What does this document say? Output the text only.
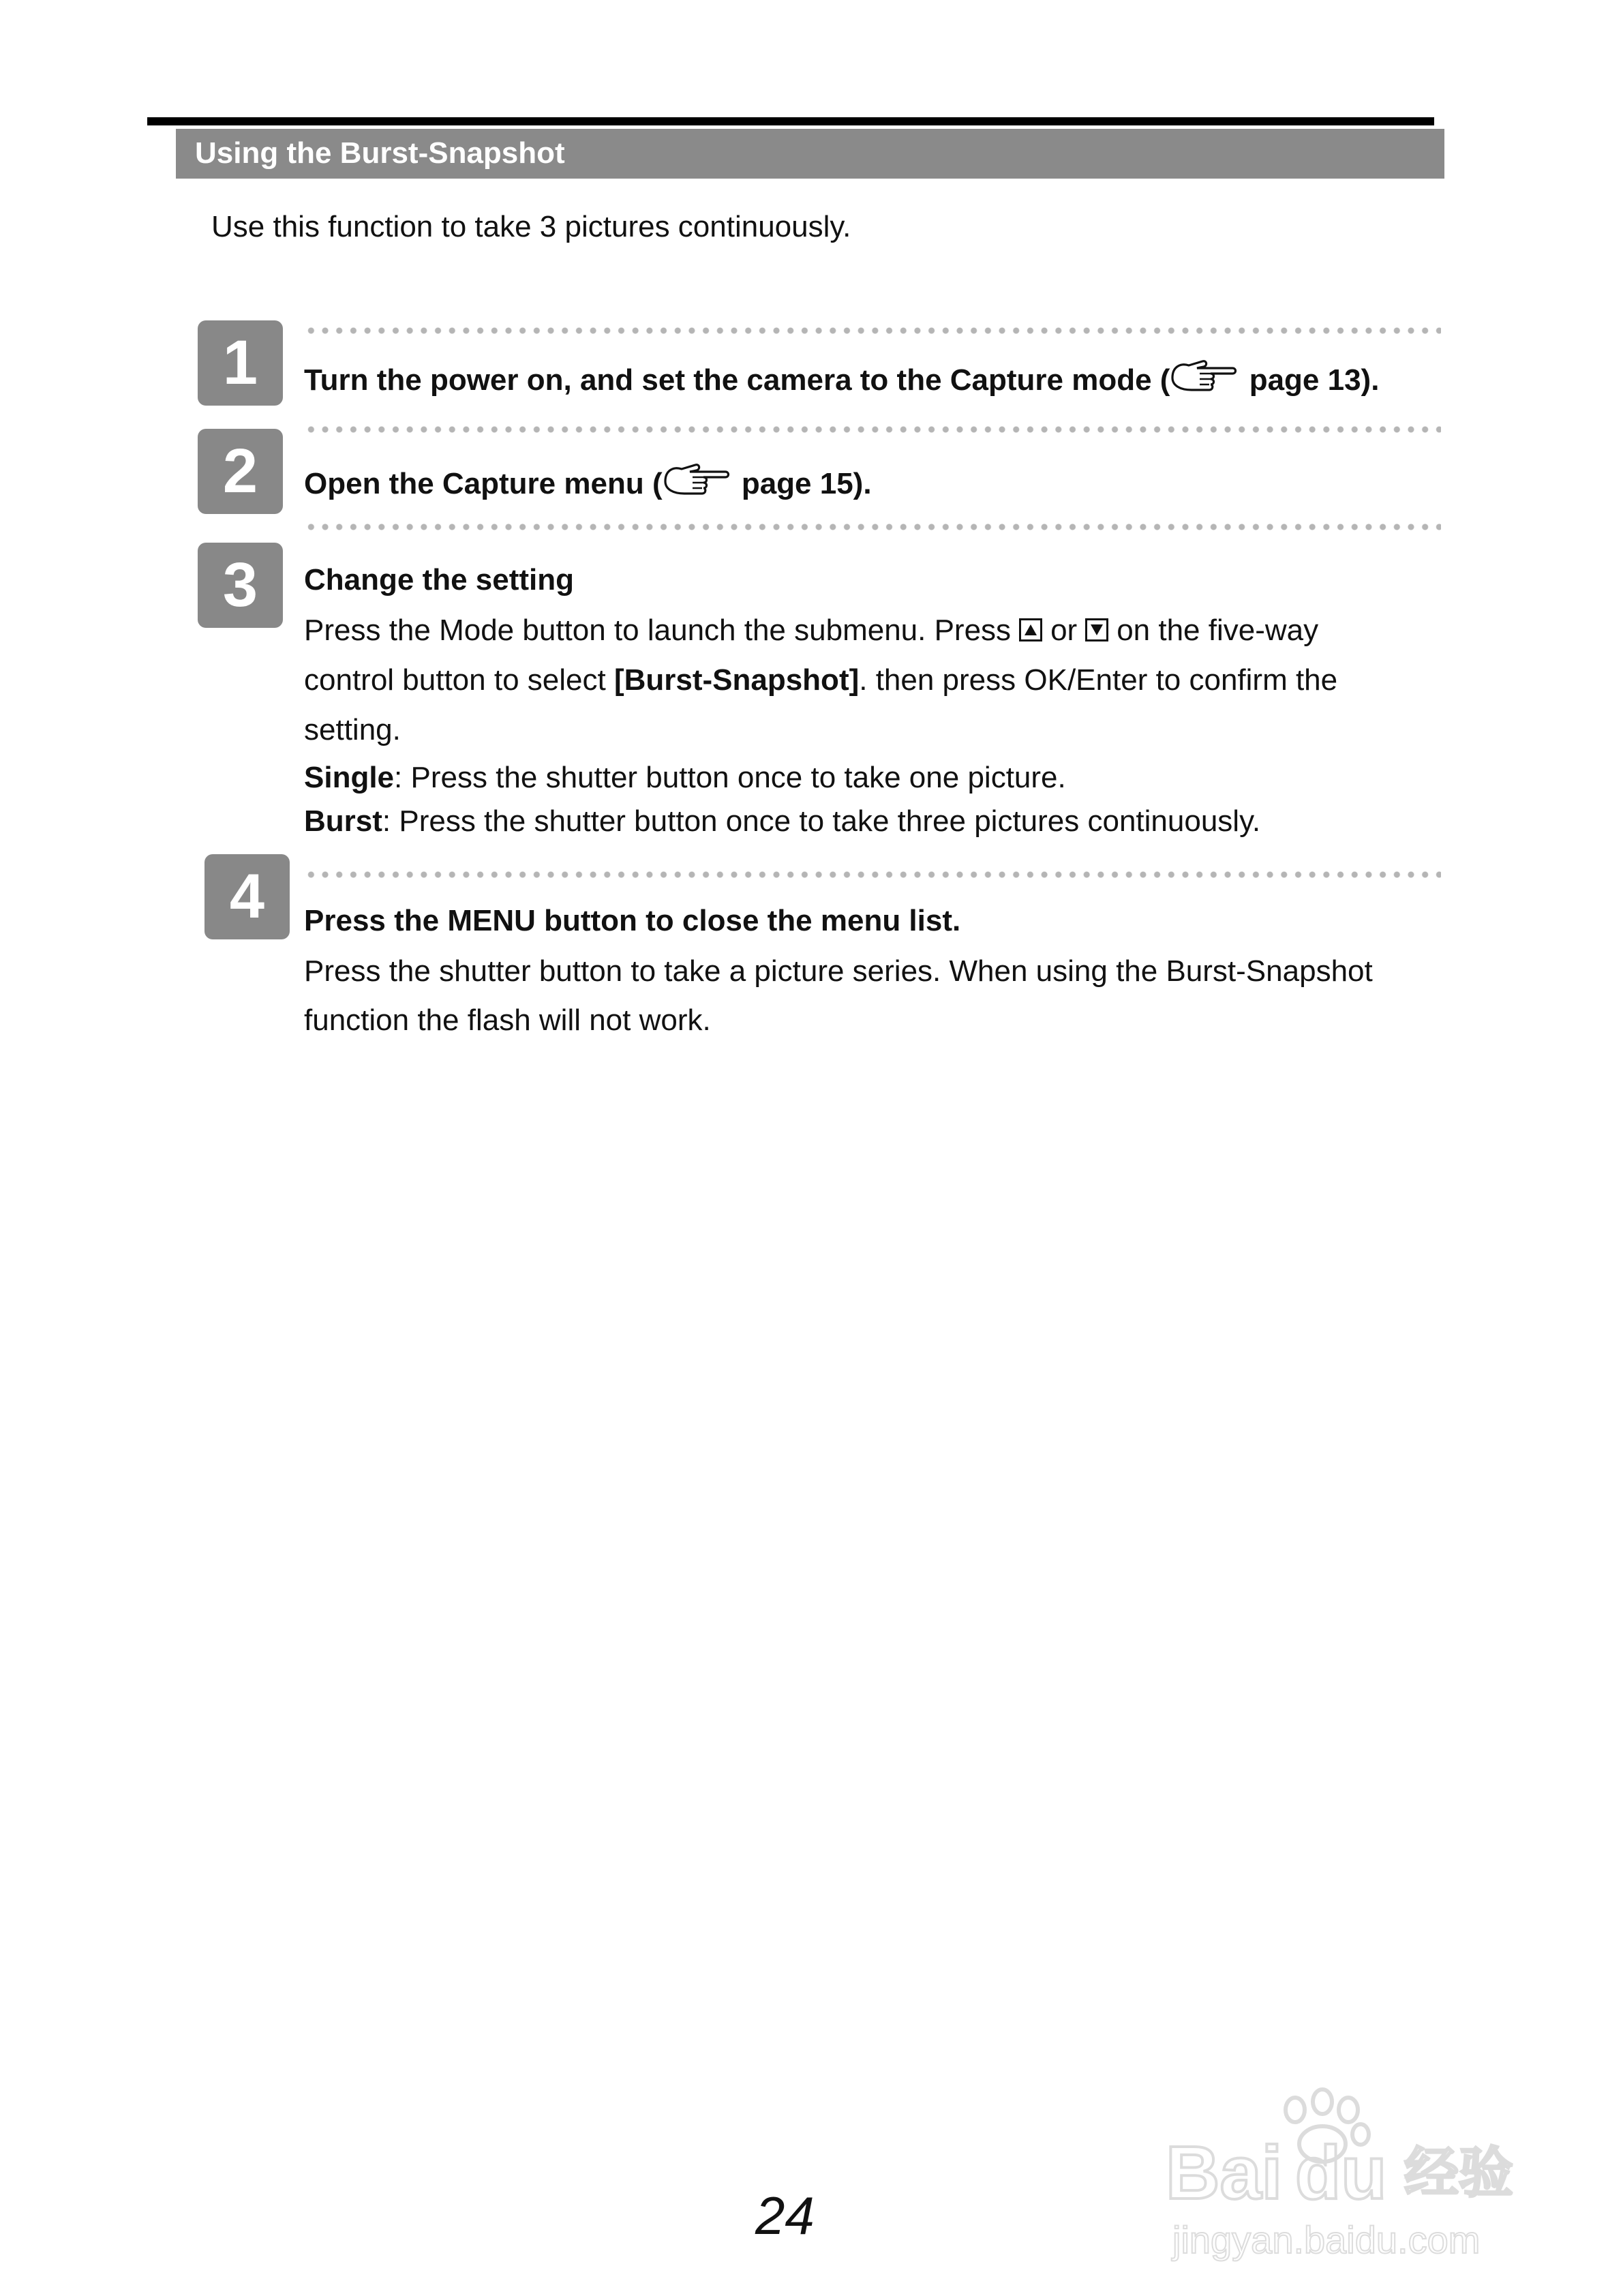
Using the Burst-Snapshot
Use this function to take 3 pictures continuously.
1	Turn the power on, and set the camera to the Capture mode ( page 13).
2	Open the Capture menu ( page 15).
3	Change the setting
Press the Mode button to launch the submenu. Press or on the five-way
control button to select [Burst-Snapshot]. then press OK/Enter to confirm the
setting.
Single: Press the shutter button once to take one picture.
Burst: Press the shutter button once to take three pictures continuously.
4	Press the MENU button to close the menu list.
Press the shutter button to take a picture series. When using the Burst-Snapshot
function the flash will not work.
24
Bai du 经验
jingyan.baidu.com
